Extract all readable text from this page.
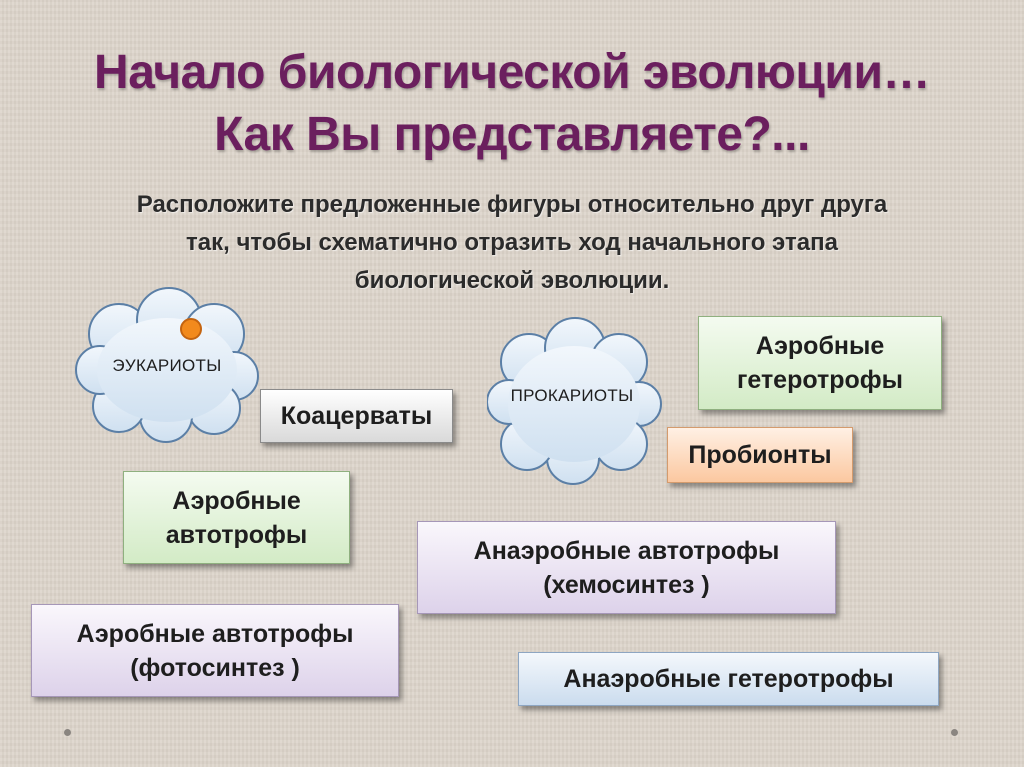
Начало биологической эволюции…
Как Вы представляете?...
Расположите предложенные фигуры относительно друг друга
так, чтобы схематично отразить ход начального этапа
биологической эволюции.
ЭУКАРИОТЫ
ПРОКАРИОТЫ
Аэробные
гетеротрофы
Коацерваты
Пробионты
Аэробные
автотрофы
Анаэробные автотрофы
(хемосинтез )
Аэробные автотрофы
(фотосинтез )	Анаэробные гетеротрофы
